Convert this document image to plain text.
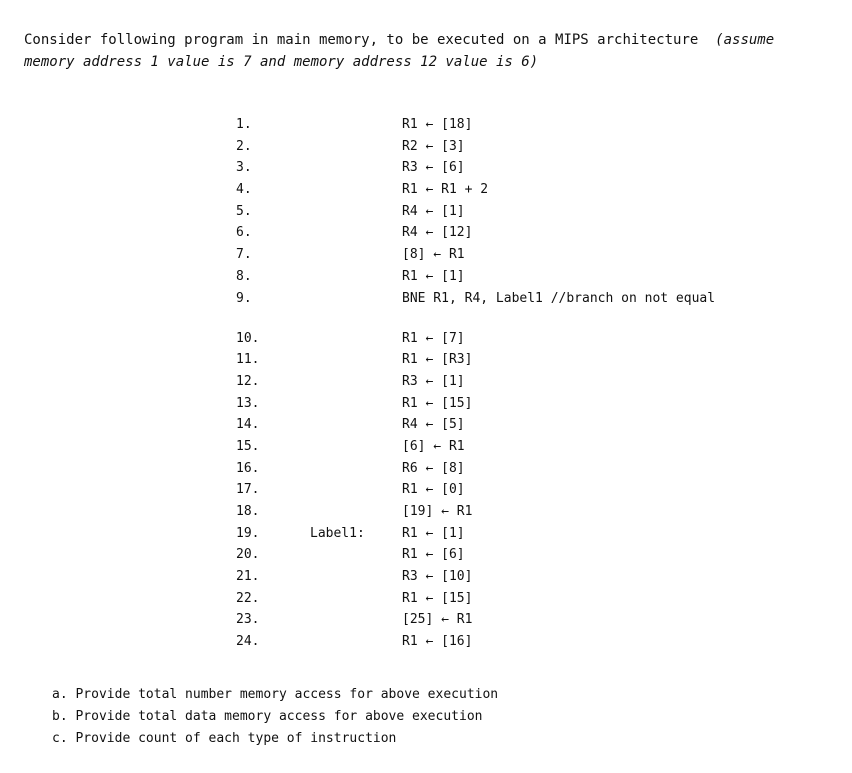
Consider following program in main memory, to be executed on a MIPS architecture  (assume memory address 1 value is 7 and memory address 12 value is 6)
1.	R1 ← [18]
2.	R2 ← [3]
3.	R3 ← [6]
4.	R1 ← R1 + 2
5.	R4 ← [1]
6.	R4 ← [12]
7.	[8] ← R1
8.	R1 ← [1]
9.	BNE R1, R4, Label1 //branch on not equal
10.	R1 ← [7]
11.	R1 ← [R3]
12.	R3 ← [1]
13.	R1 ← [15]
14.	R4 ← [5]
15.	[6] ← R1
16.	R6 ← [8]
17.	R1 ← [0]
18.	[19] ← R1
19.	Label1:	R1 ← [1]
20.	R1 ← [6]
21.	R3 ← [10]
22.	R1 ← [15]
23.	[25] ← R1
24.	R1 ← [16]
a. Provide total number memory access for above execution
b. Provide total data memory access for above execution
c. Provide count of each type of instruction
